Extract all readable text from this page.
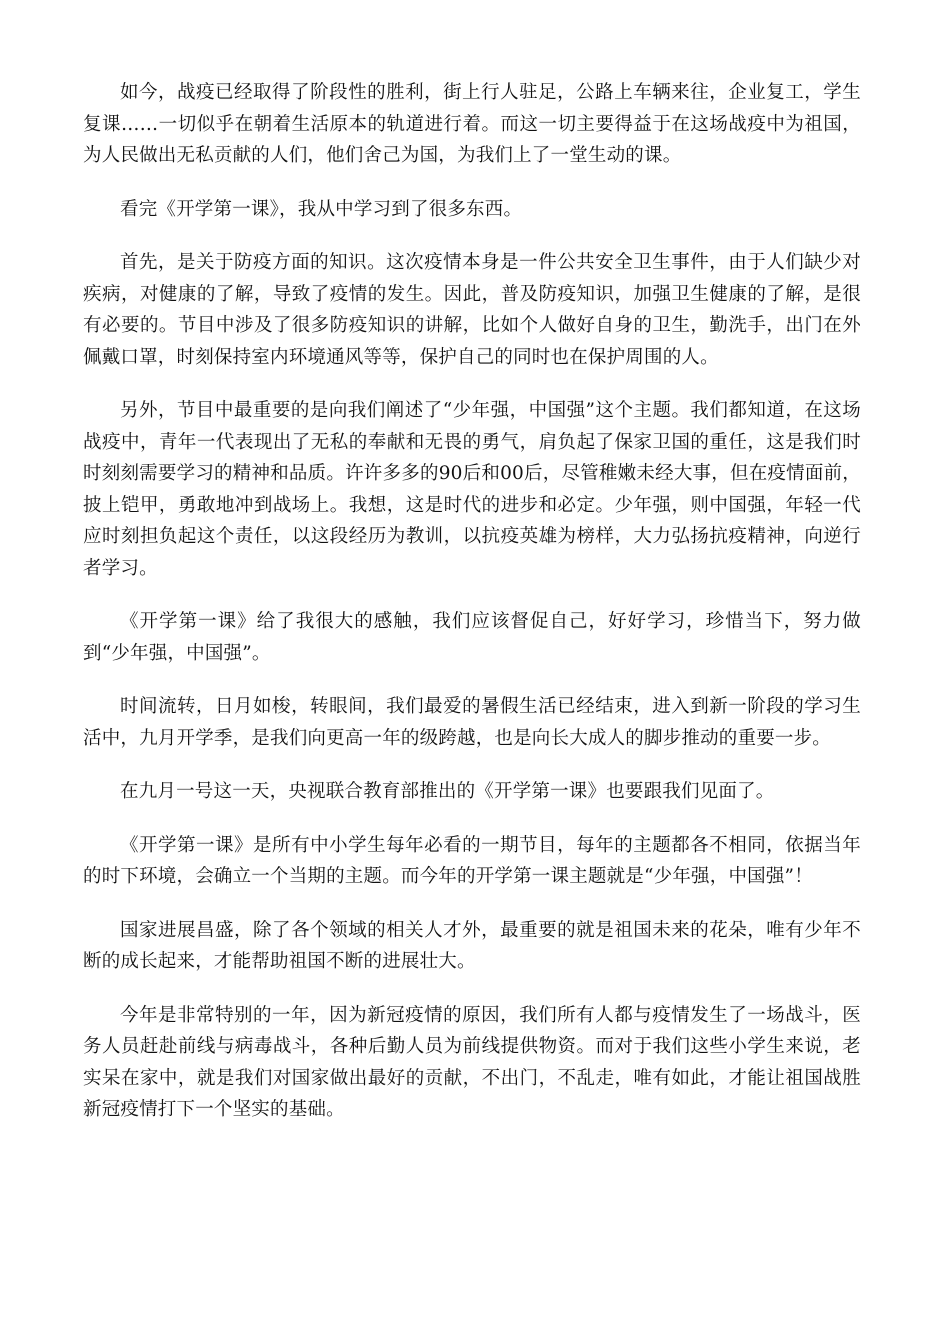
如今，战疫已经取得了阶段性的胜利，街上行人驻足，公路上车辆来往，企业复工，学生复课……一切似乎在朝着生活原本的轨道进行着。而这一切主要得益于在这场战疫中为祖国，为人民做出无私贡献的人们，他们舍己为国，为我们上了一堂生动的课。

看完《开学第一课》，我从中学习到了很多东西。

首先，是关于防疫方面的知识。这次疫情本身是一件公共安全卫生事件，由于人们缺少对疾病，对健康的了解，导致了疫情的发生。因此，普及防疫知识，加强卫生健康的了解，是很有必要的。节目中涉及了很多防疫知识的讲解，比如个人做好自身的卫生，勤洗手，出门在外佩戴口罩，时刻保持室内环境通风等等，保护自己的同时也在保护周围的人。

另外，节目中最重要的是向我们阐述了“少年强，中国强”这个主题。我们都知道，在这场战疫中，青年一代表现出了无私的奉献和无畏的勇气，肩负起了保家卫国的重任，这是我们时时刻刻需要学习的精神和品质。许许多多的90后和00后，尽管稚嫩未经大事，但在疫情面前，披上铠甲，勇敢地冲到战场上。我想，这是时代的进步和必定。少年强，则中国强，年轻一代应时刻担负起这个责任，以这段经历为教训，以抗疫英雄为榜样，大力弘扬抗疫精神，向逆行者学习。

《开学第一课》给了我很大的感触，我们应该督促自己，好好学习，珍惜当下，努力做到“少年强，中国强”。

时间流转，日月如梭，转眼间，我们最爱的暑假生活已经结束，进入到新一阶段的学习生活中，九月开学季，是我们向更高一年的级跨越，也是向长大成人的脚步推动的重要一步。

在九月一号这一天，央视联合教育部推出的《开学第一课》也要跟我们见面了。

《开学第一课》是所有中小学生每年必看的一期节目，每年的主题都各不相同，依据当年的时下环境，会确立一个当期的主题。而今年的开学第一课主题就是“少年强，中国强”！

国家进展昌盛，除了各个领域的相关人才外，最重要的就是祖国未来的花朵，唯有少年不断的成长起来，才能帮助祖国不断的进展壮大。

今年是非常特别的一年，因为新冠疫情的原因，我们所有人都与疫情发生了一场战斗，医务人员赶赴前线与病毒战斗，各种后勤人员为前线提供物资。而对于我们这些小学生来说，老实呆在家中，就是我们对国家做出最好的贡献，不出门，不乱走，唯有如此，才能让祖国战胜新冠疫情打下一个坚实的基础。
